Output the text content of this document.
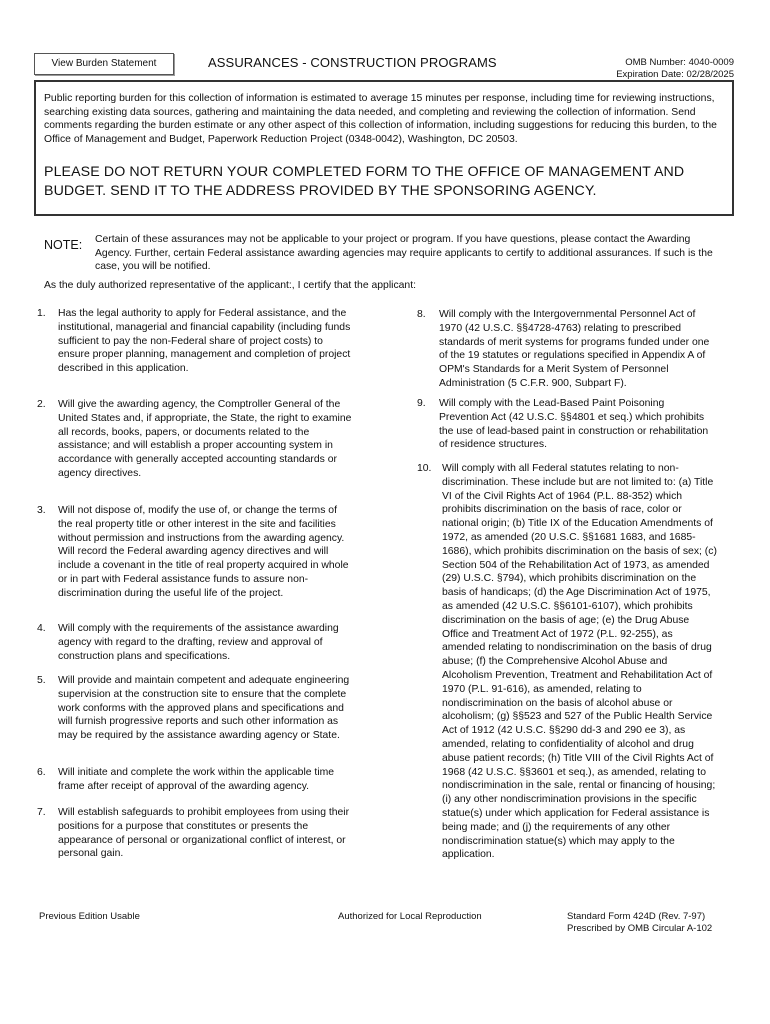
View Burden Statement	ASSURANCES - CONSTRUCTION PROGRAMS	OMB Number: 4040-0009
Expiration Date: 02/28/2025
Public reporting burden for this collection of information is estimated to average 15 minutes per response, including time for reviewing instructions, searching existing data sources, gathering and maintaining the data needed, and completing and reviewing the collection of information. Send comments regarding the burden estimate or any other aspect of this collection of information, including suggestions for reducing this burden, to the Office of Management and Budget, Paperwork Reduction Project (0348-0042), Washington, DC 20503.
PLEASE DO NOT RETURN YOUR COMPLETED FORM TO THE OFFICE OF MANAGEMENT AND BUDGET. SEND IT TO THE ADDRESS PROVIDED BY THE SPONSORING AGENCY.
NOTE: Certain of these assurances may not be applicable to your project or program. If you have questions, please contact the Awarding Agency. Further, certain Federal assistance awarding agencies may require applicants to certify to additional assurances. If such is the case, you will be notified.
As the duly authorized representative of the applicant:, I certify that the applicant:
1. Has the legal authority to apply for Federal assistance, and the institutional, managerial and financial capability (including funds sufficient to pay the non-Federal share of project costs) to ensure proper planning, management and completion of project described in this application.
2. Will give the awarding agency, the Comptroller General of the United States and, if appropriate, the State, the right to examine all records, books, papers, or documents related to the assistance; and will establish a proper accounting system in accordance with generally accepted accounting standards or agency directives.
3. Will not dispose of, modify the use of, or change the terms of the real property title or other interest in the site and facilities without permission and instructions from the awarding agency. Will record the Federal awarding agency directives and will include a covenant in the title of real property acquired in whole or in part with Federal assistance funds to assure non-discrimination during the useful life of the project.
4. Will comply with the requirements of the assistance awarding agency with regard to the drafting, review and approval of construction plans and specifications.
5. Will provide and maintain competent and adequate engineering supervision at the construction site to ensure that the complete work conforms with the approved plans and specifications and will furnish progressive reports and such other information as may be required by the assistance awarding agency or State.
6. Will initiate and complete the work within the applicable time frame after receipt of approval of the awarding agency.
7. Will establish safeguards to prohibit employees from using their positions for a purpose that constitutes or presents the appearance of personal or organizational conflict of interest, or personal gain.
8. Will comply with the Intergovernmental Personnel Act of 1970 (42 U.S.C. §§4728-4763) relating to prescribed standards of merit systems for programs funded under one of the 19 statutes or regulations specified in Appendix A of OPM's Standards for a Merit System of Personnel Administration (5 C.F.R. 900, Subpart F).
9. Will comply with the Lead-Based Paint Poisoning Prevention Act (42 U.S.C. §§4801 et seq.) which prohibits the use of lead-based paint in construction or rehabilitation of residence structures.
10. Will comply with all Federal statutes relating to non-discrimination. These include but are not limited to: (a) Title VI of the Civil Rights Act of 1964 (P.L. 88-352) which prohibits discrimination on the basis of race, color or national origin; (b) Title IX of the Education Amendments of 1972, as amended (20 U.S.C. §§1681 1683, and 1685-1686), which prohibits discrimination on the basis of sex; (c) Section 504 of the Rehabilitation Act of 1973, as amended (29) U.S.C. §794), which prohibits discrimination on the basis of handicaps; (d) the Age Discrimination Act of 1975, as amended (42 U.S.C. §§6101-6107), which prohibits discrimination on the basis of age; (e) the Drug Abuse Office and Treatment Act of 1972 (P.L. 92-255), as amended relating to nondiscrimination on the basis of drug abuse; (f) the Comprehensive Alcohol Abuse and Alcoholism Prevention, Treatment and Rehabilitation Act of 1970 (P.L. 91-616), as amended, relating to nondiscrimination on the basis of alcohol abuse or alcoholism; (g) §§523 and 527 of the Public Health Service Act of 1912 (42 U.S.C. §§290 dd-3 and 290 ee 3), as amended, relating to confidentiality of alcohol and drug abuse patient records; (h) Title VIII of the Civil Rights Act of 1968 (42 U.S.C. §§3601 et seq.), as amended, relating to nondiscrimination in the sale, rental or financing of housing; (i) any other nondiscrimination provisions in the specific statue(s) under which application for Federal assistance is being made; and (j) the requirements of any other nondiscrimination statue(s) which may apply to the application.
Previous Edition Usable	Authorized for Local Reproduction	Standard Form 424D (Rev. 7-97)
Prescribed by OMB Circular A-102
